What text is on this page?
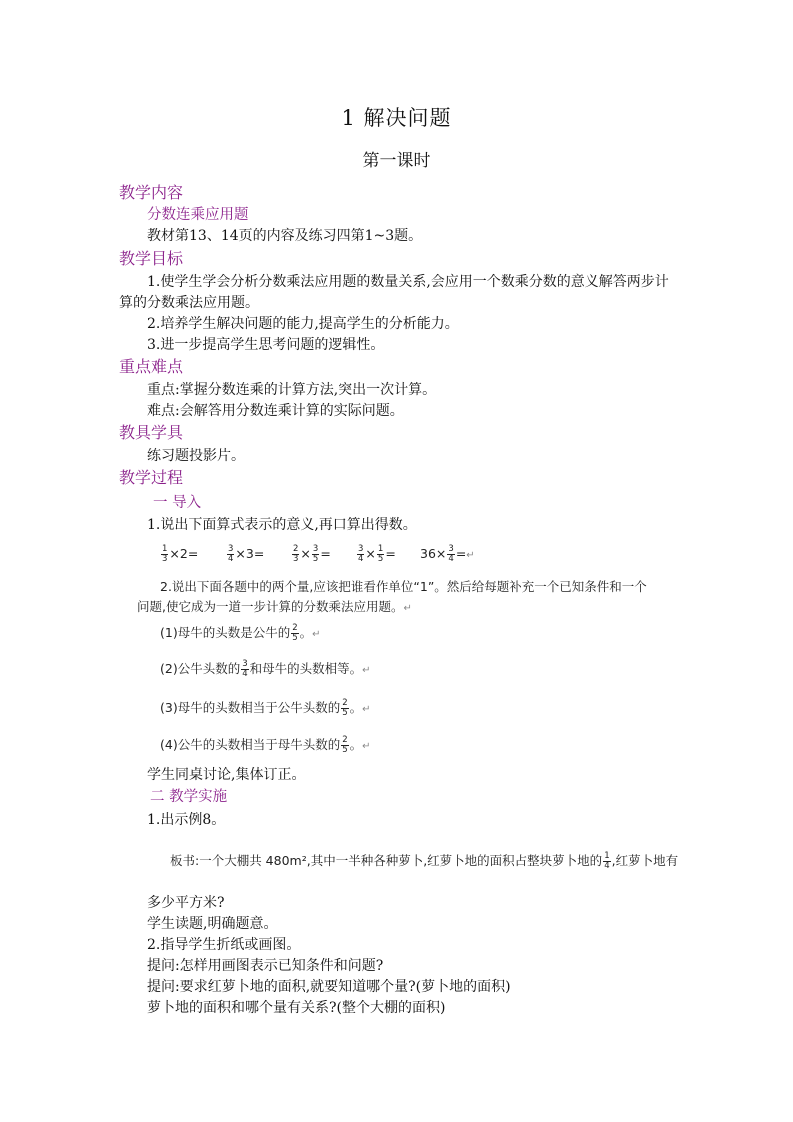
1 解决问题
第一课时
教学内容
分数连乘应用题
教材第13、14页的内容及练习四第1~3题。
教学目标
1.使学生学会分析分数乘法应用题的数量关系,会应用一个数乘分数的意义解答两步计
算的分数乘法应用题。
2.培养学生解决问题的能力,提高学生的分析能力。
3.进一步提高学生思考问题的逻辑性。
重点难点
重点:掌握分数连乘的计算方法,突出一次计算。
难点:会解答用分数连乘计算的实际问题。
教具学具
练习题投影片。
教学过程
一 导入
1.说出下面算式表示的意义,再口算出得数。
$\frac{1}{3} \times 2=$	$\frac{3}{4} \times 3=$	$\frac{2}{3} \times \frac{3}{5}$ =	$\frac{3}{4} \times \frac{1}{5} = 36\times \frac{3}{4}$ =↵
2.说出下面各题中的两个量,应该把谁看作单位“1”。然后给每题补充一个已知条件和一个
问题,使它成为一道一步计算的分数乘法应用题。↵
(1)母牛的头数是公牛的 $\frac{2}{5}$ 。↵
(2)公牛头数的 $\frac{3}{4}$ 和母牛的头数相等。↵
(3)母牛的头数相当于公牛头数的 $\frac{2}{5}$ 。↵
(4)公牛的头数相当于母牛头数的 $\frac{2}{5}$ 。↵
学生同桌讨论,集体订正。
二 教学实施
1.出示例8。
板书:一个大棚共 480m²,其中一半种各种萝卜,红萝卜地的面积占整块萝卜地的 $\frac{1}{4}$ ,红萝卜地有
多少平方米?
学生读题,明确题意。
2.指导学生折纸或画图。
提问:怎样用画图表示已知条件和问题?
提问:要求红萝卜地的面积,就要知道哪个量?(萝卜地的面积)
萝卜地的面积和哪个量有关系?(整个大棚的面积)
